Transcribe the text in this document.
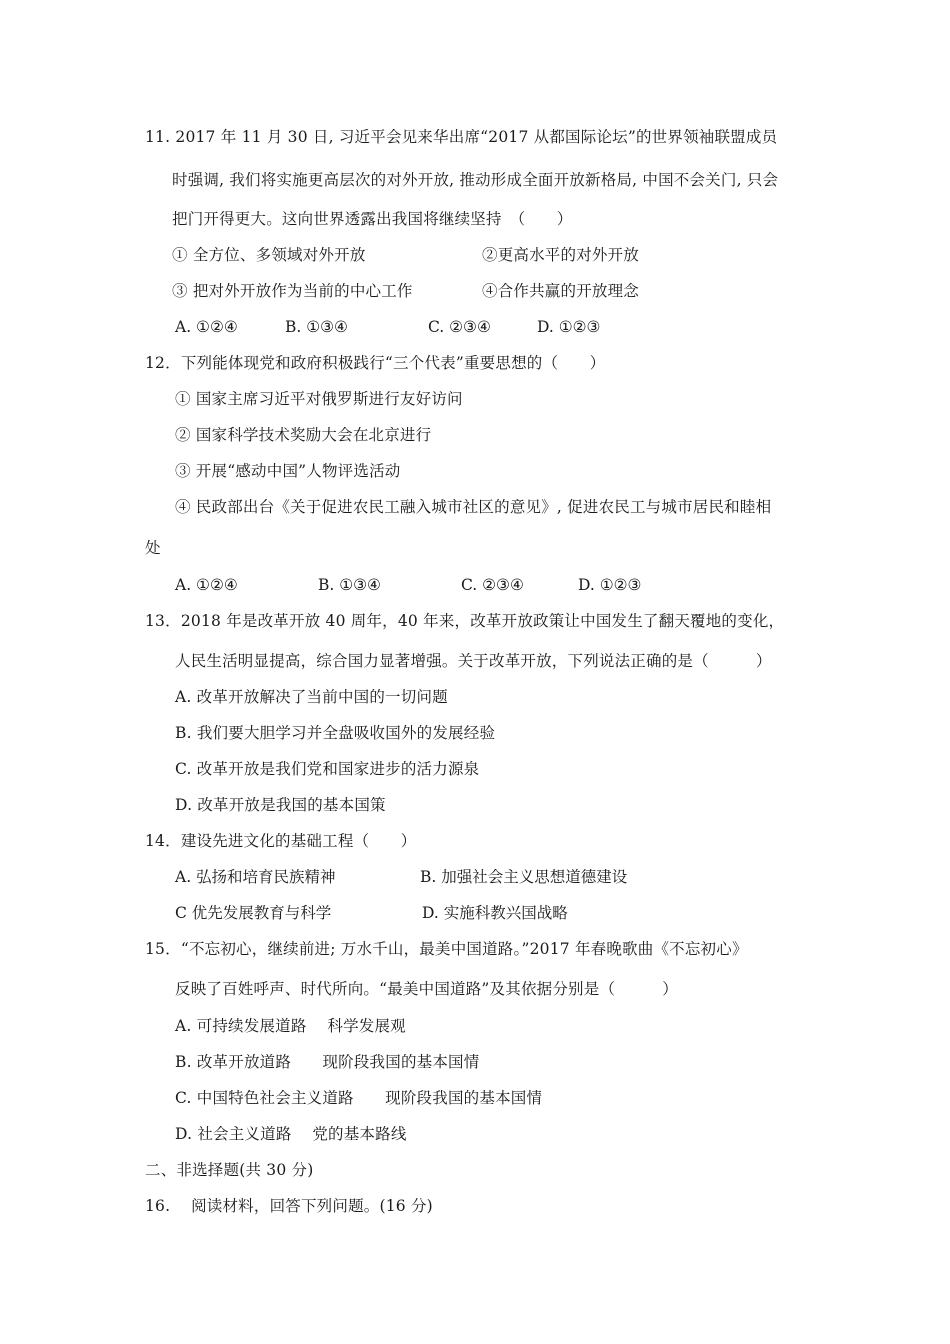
11. 2017 年 11 月 30 日, 习近平会见来华出席“2017 从都国际论坛”的世界领袖联盟成员
时强调, 我们将实施更高层次的对外开放, 推动形成全面开放新格局, 中国不会关门, 只会
把门开得更大。这向世界透露出我国将继续坚持　（　　）
① 全方位、多领域对外开放	②更高水平的对外开放
③ 把对外开放作为当前的中心工作	④合作共赢的开放理念
A. ①②④	B. ①③④	C. ②③④	D. ①②③
12．下列能体现党和政府积极践行“三个代表”重要思想的（　　）
① 国家主席习近平对俄罗斯进行友好访问
② 国家科学技术奖励大会在北京进行
③ 开展“感动中国”人物评选活动
④ 民政部出台《关于促进农民工融入城市社区的意见》, 促进农民工与城市居民和睦相
处
A. ①②④	B. ①③④	C. ②③④	D. ①②③
13．2018 年是改革开放 40 周年，40 年来，改革开放政策让中国发生了翻天覆地的变化，
人民生活明显提高，综合国力显著增强。关于改革开放，下列说法正确的是（　　　）
A. 改革开放解决了当前中国的一切问题
B. 我们要大胆学习并全盘吸收国外的发展经验
C. 改革开放是我们党和国家进步的活力源泉
D. 改革开放是我国的基本国策
14．建设先进文化的基础工程（　　）
A. 弘扬和培育民族精神	B. 加强社会主义思想道德建设
C 优先发展教育与科学	D. 实施科教兴国战略
15．“不忘初心，继续前进; 万水千山，最美中国道路。”2017 年春晚歌曲《不忘初心》
反映了百姓呼声、时代所向。“最美中国道路”及其依据分别是（　　　）
A. 可持续发展道路　 科学发展观
B. 改革开放道路　　现阶段我国的基本国情
C. 中国特色社会主义道路　　现阶段我国的基本国情
D. 社会主义道路　 党的基本路线
二、非选择题(共 30 分)
16.　 阅读材料，回答下列问题。(16 分)
